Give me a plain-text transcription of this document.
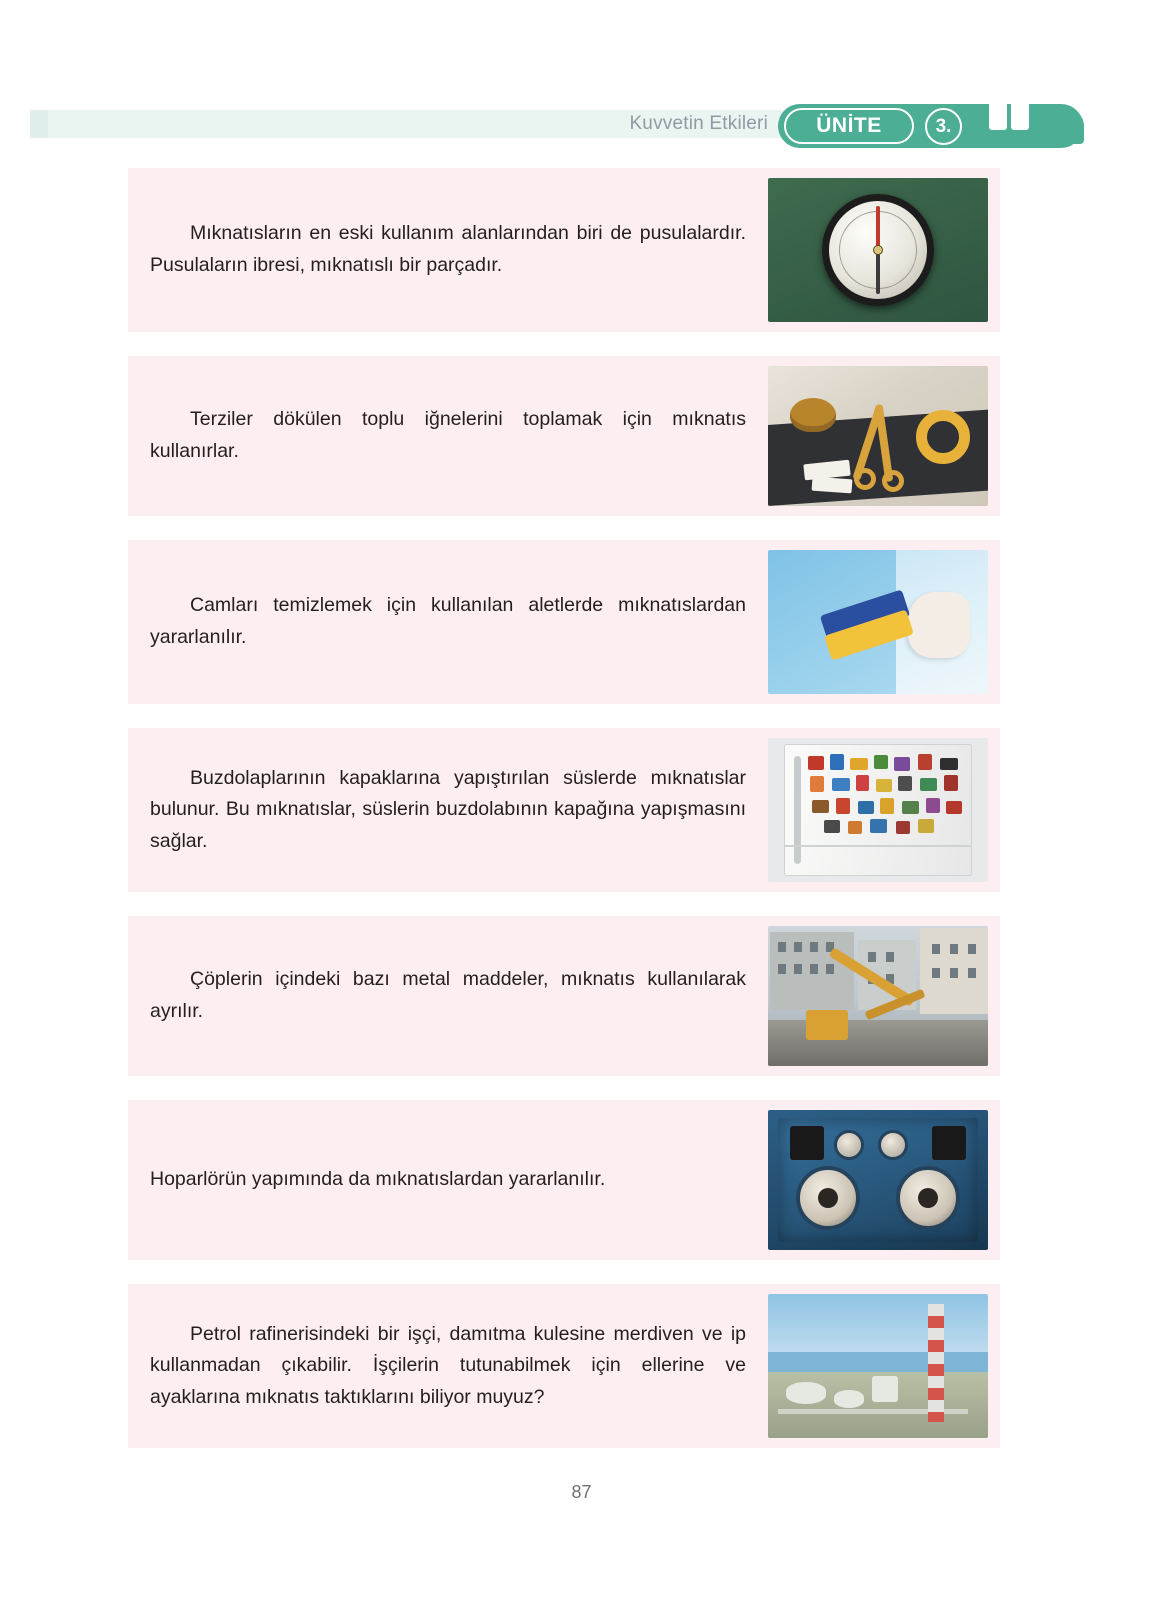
Kuvvetin Etkileri ÜNİTE	3.

Mıknatısların en eski kullanım alanlarından biri de pusulalardır. Pusulaların ibresi, mıknatıslı bir parçadır.

Terziler dökülen toplu iğnelerini toplamak için mıknatıs kullanırlar.

Camları temizlemek için kullanılan aletlerde mıknatıslardan yararlanılır.

Buzdolaplarının kapaklarına yapıştırılan süslerde mıknatıslar bulunur. Bu mıknatıslar, süslerin buzdolabının kapağına yapışmasını sağlar.

Çöplerin içindeki bazı metal maddeler, mıknatıs kullanılarak ayrılır.

Hoparlörün yapımında da mıknatıslardan yararlanılır.

Petrol rafinerisindeki bir işçi, damıtma kulesine merdiven ve ip kullanmadan çıkabilir. İşçilerin tutunabilmek için ellerine ve ayaklarına mıknatıs taktıklarını biliyor muyuz?

87
